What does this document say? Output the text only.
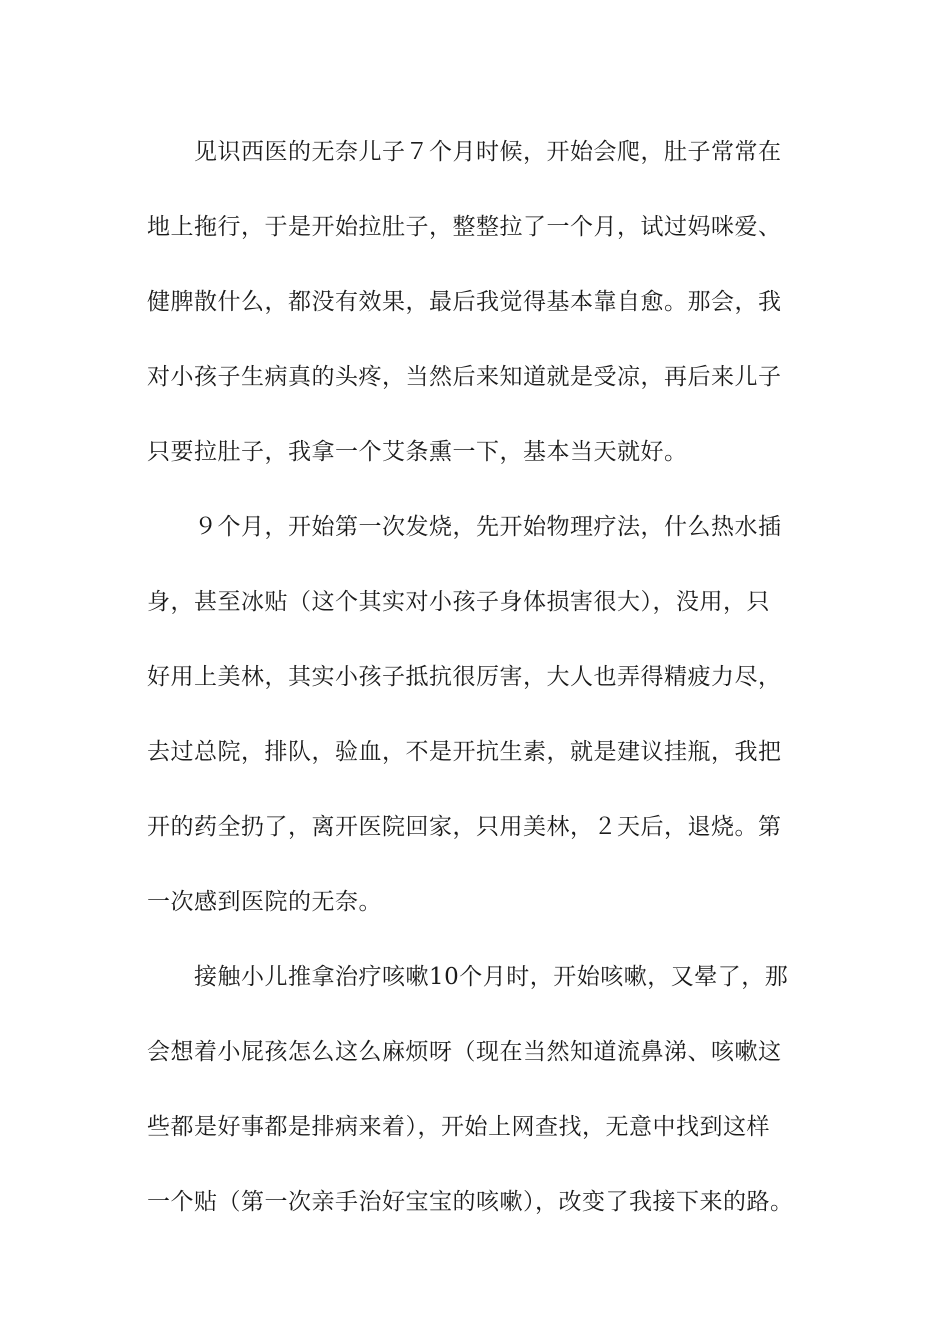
见识西医的无奈儿子７个月时候，开始会爬，肚子常常在
地上拖行，于是开始拉肚子，整整拉了一个月，试过妈咪爱、
健脾散什么，都没有效果，最后我觉得基本靠自愈。那会，我
对小孩子生病真的头疼，当然后来知道就是受凉，再后来儿子
只要拉肚子，我拿一个艾条熏一下，基本当天就好。
９个月，开始第一次发烧，先开始物理疗法，什么热水插
身，甚至冰贴（这个其实对小孩子身体损害很大），没用，只
好用上美林，其实小孩子抵抗很厉害，大人也弄得精疲力尽，
去过总院，排队，验血，不是开抗生素，就是建议挂瓶，我把
开的药全扔了，离开医院回家，只用美林，２天后，退烧。第
一次感到医院的无奈。
接触小儿推拿治疗咳嗽10个月时，开始咳嗽，又晕了，那
会想着小屁孩怎么这么麻烦呀（现在当然知道流鼻涕、咳嗽这
些都是好事都是排病来着），开始上网查找，无意中找到这样
一个贴（第一次亲手治好宝宝的咳嗽），改变了我接下来的路。
